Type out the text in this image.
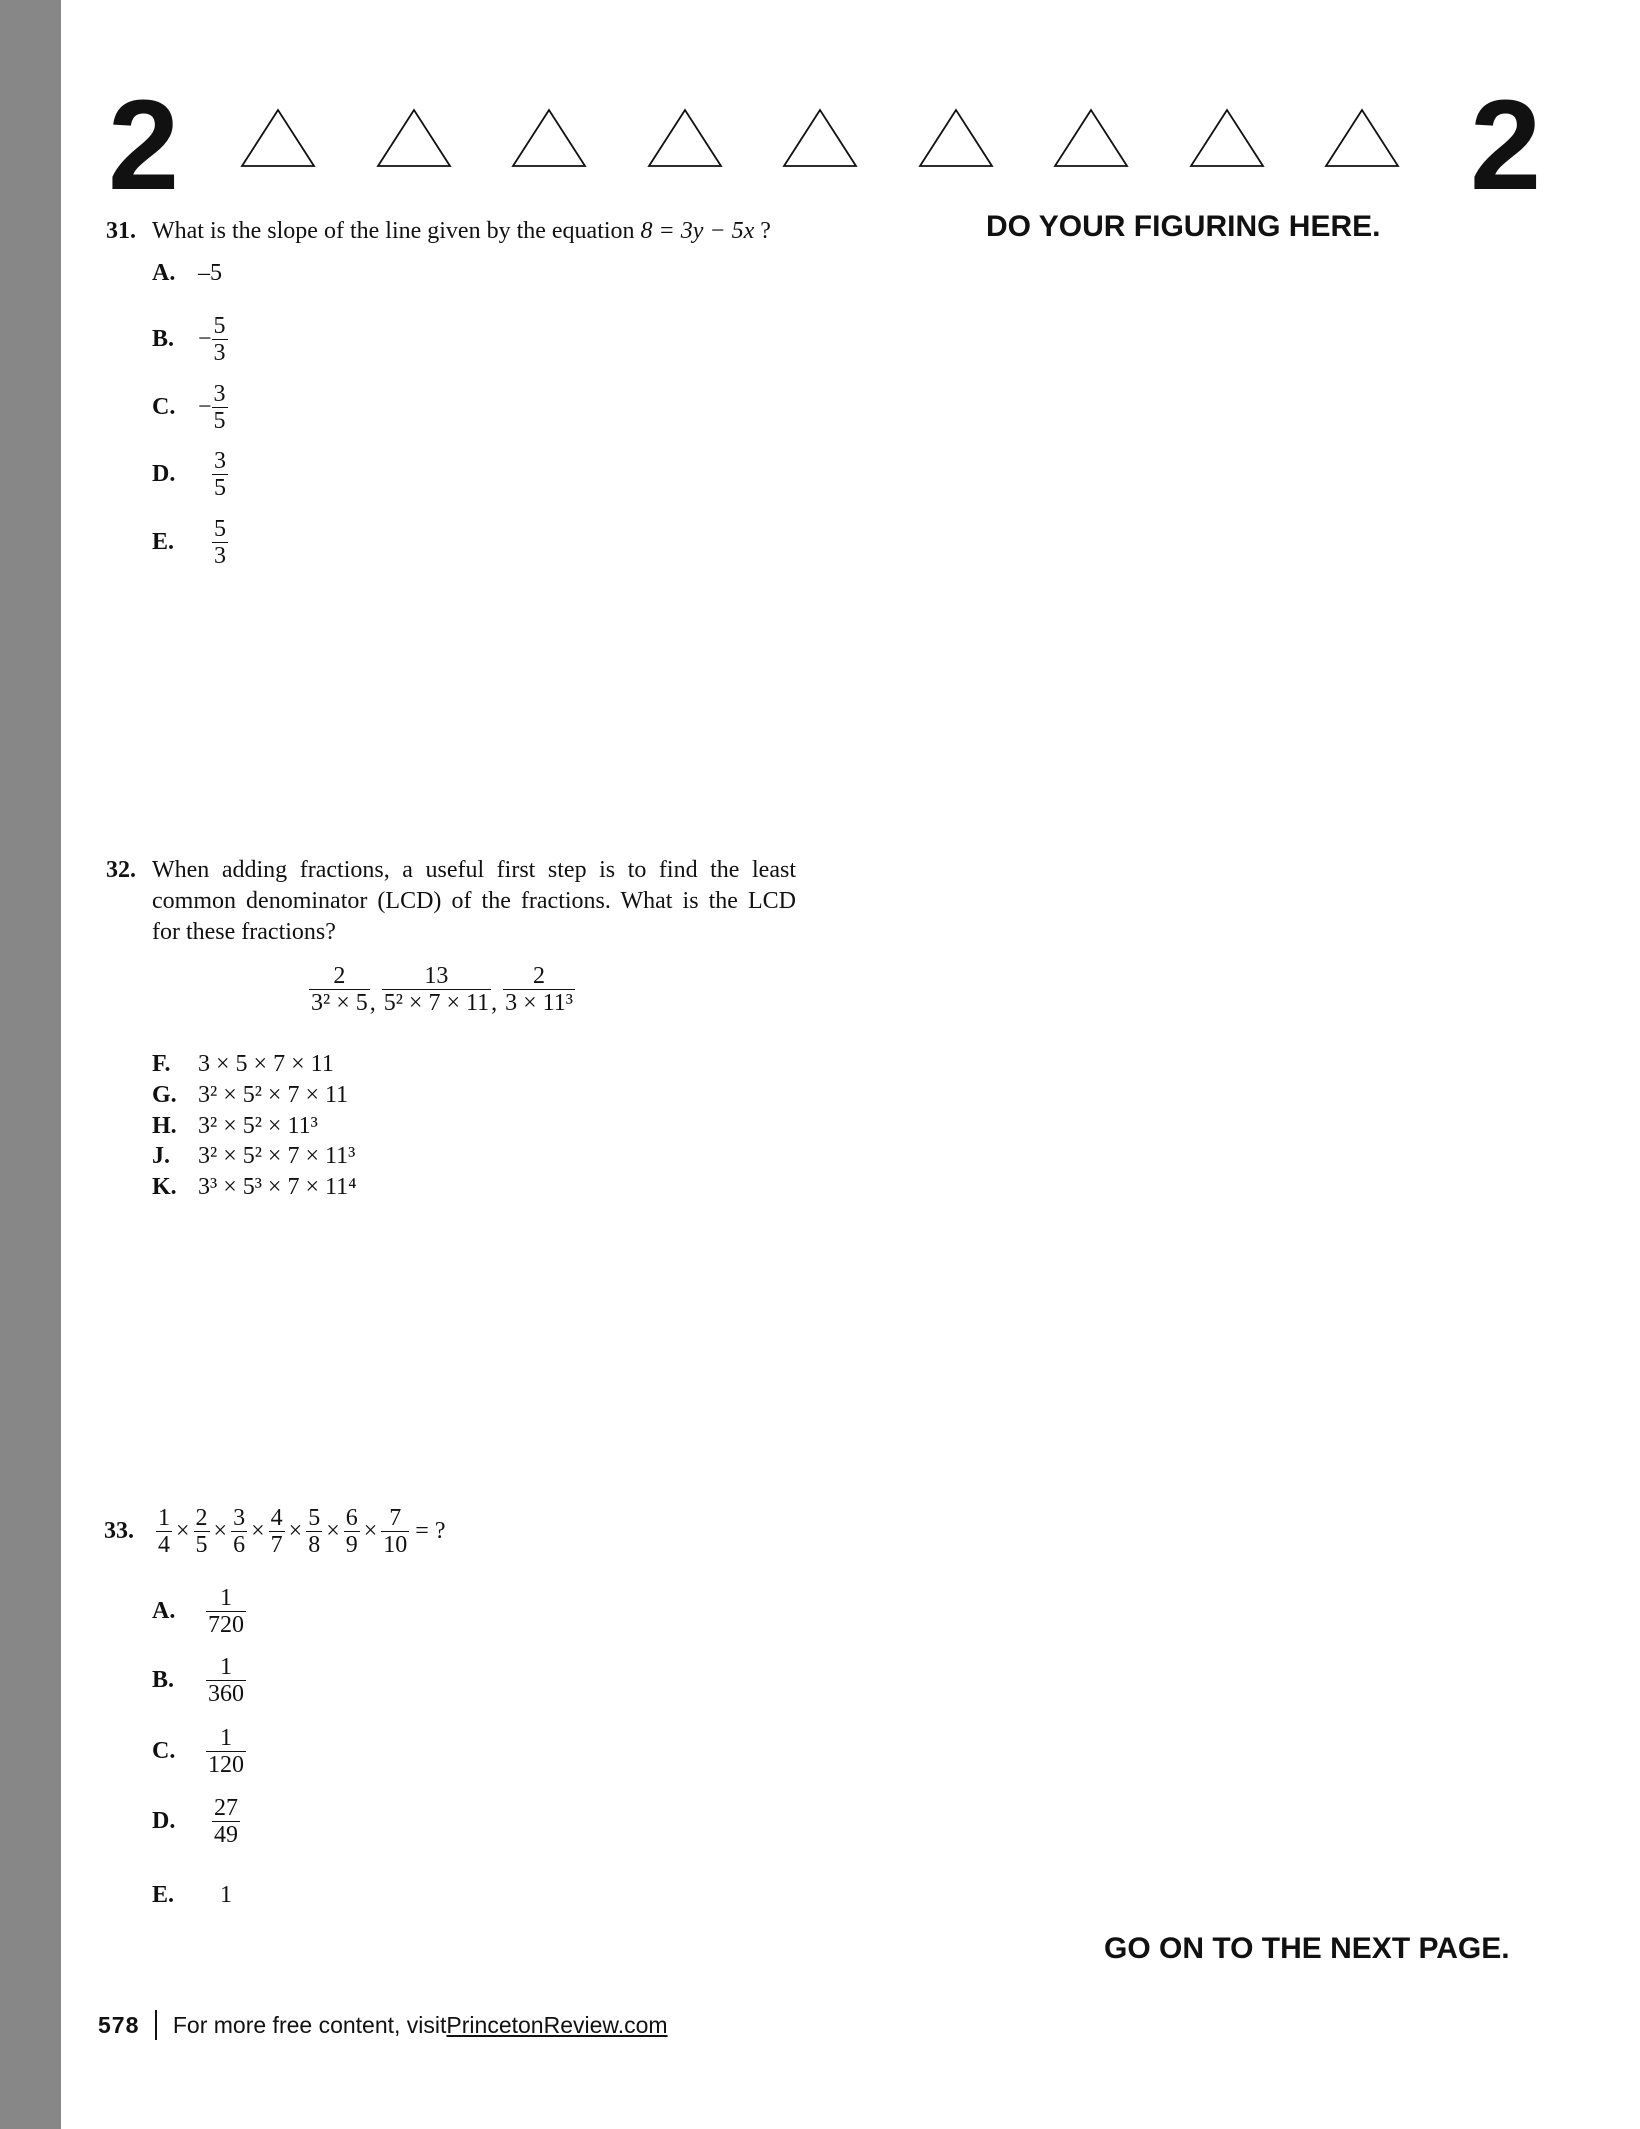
2	2
DO YOUR FIGURING HERE.
31. What is the slope of the line given by the equation 8 = 3y − 5x ?
A. –5
B. − $\frac{5}{3}$
C. − $\frac{3}{5}$
D.	$\frac{3}{5}$
E.	$\frac{5}{3}$
32. When adding fractions, a useful first step is to find the least
common denominator (LCD) of the fractions. What is the LCD
for these fractions?
$\frac{2}{\text{3² × 5}}$ , $\frac{13}{\text{5² × 7 × 11}}$ , $\frac{2}{\text{3 × 11³}}$
F. 3 × 5 × 7 × 11
G. 3² × 5² × 7 × 11
H. 3² × 5² × 11³
J. 3² × 5² × 7 × 11³
K. 3³ × 5³ × 7 × 11⁴
33. $\frac{1}{4} \times \frac{2}{5} \times \frac{3}{6} \times \frac{4}{7} \times \frac{5}{8} \times \frac{6}{9} \times \frac{7}{10}$ = ?
A.	$\frac{1}{720}$
B.	$\frac{1}{360}$
C.	$\frac{1}{120}$
D.	$\frac{27}{49}$
E.	1
GO ON TO THE NEXT PAGE.
578 For more free content, visit PrincetonReview.com
